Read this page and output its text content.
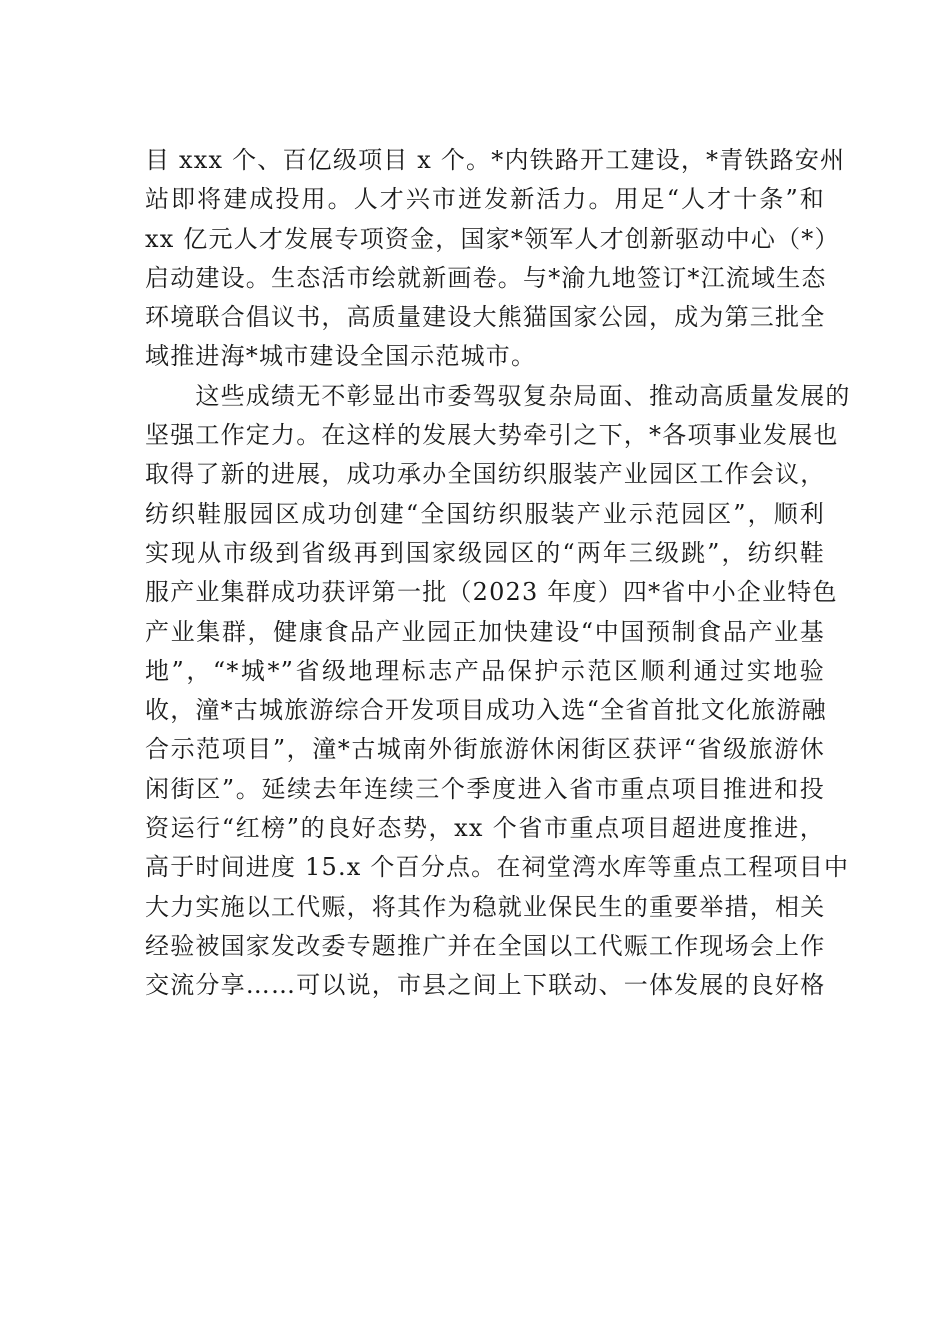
目 xxx 个、百亿级项目 x 个。*内铁路开工建设，*青铁路安州
站即将建成投用。人才兴市迸发新活力。用足“人才十条”和
xx 亿元人才发展专项资金，国家*领军人才创新驱动中心（*）
启动建设。生态活市绘就新画卷。与*渝九地签订*江流域生态
环境联合倡议书，高质量建设大熊猫国家公园，成为第三批全
域推进海*城市建设全国示范城市。
　　这些成绩无不彰显出市委驾驭复杂局面、推动高质量发展的
坚强工作定力。在这样的发展大势牵引之下，*各项事业发展也
取得了新的进展，成功承办全国纺织服装产业园区工作会议，
纺织鞋服园区成功创建“全国纺织服装产业示范园区”，顺利
实现从市级到省级再到国家级园区的“两年三级跳”，纺织鞋
服产业集群成功获评第一批（2023 年度）四*省中小企业特色
产业集群，健康食品产业园正加快建设“中国预制食品产业基
地”，“*城*”省级地理标志产品保护示范区顺利通过实地验
收，潼*古城旅游综合开发项目成功入选“全省首批文化旅游融
合示范项目”，潼*古城南外街旅游休闲街区获评“省级旅游休
闲街区”。延续去年连续三个季度进入省市重点项目推进和投
资运行“红榜”的良好态势，xx 个省市重点项目超进度推进，
高于时间进度 15.x 个百分点。在祠堂湾水库等重点工程项目中
大力实施以工代赈，将其作为稳就业保民生的重要举措，相关
经验被国家发改委专题推广并在全国以工代赈工作现场会上作
交流分享……可以说，市县之间上下联动、一体发展的良好格
